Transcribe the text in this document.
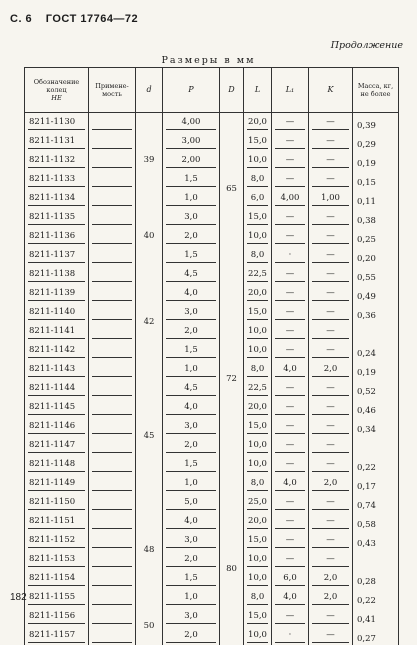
С. 6 ГОСТ 17764—72
Продолжение
Размеры в мм
Обозначение колец
НЕ	Примене- мость	d	P	D	L	L₁	K	Масса, кг, не более
8211-1130		39	4,00	65	20,0	—	—	0,39
8211-1131			3,00		15,0	—	—	0,29
8211-1132			2,00		10,0	—	—	0,19
8211-1133			1,5		8,0	—	—	0,15
8211-1134			1,0		6,0	4,00	1,00	0,11
8211-1135		40	3,0		15,0	—	—	0,38
8211-1136			2,0		10,0	—	—	0,25
8211-1137			1,5		8,0	·	—	0,20
8211-1138		42	4,5	72	22,5	—	—	0,55
8211-1139			4,0		20,0	—	—	0,49
8211-1140			3,0		15,0	—	—	0,36
8211-1141			2,0		10,0	—	—	
8211-1142			1,5		10,0	—	—	0,24
8211-1143			1,0		8,0	4,0	2,0	0,19
8211-1144		45	4,5		22,5	—	—	0,52
8211-1145			4,0		20,0	—	—	0,46
8211-1146			3,0		15,0	—	—	0,34
8211-1147			2,0		10,0	—	—	
8211-1148			1,5		10,0	—	—	0,22
8211-1149			1,0		8,0	4,0	2,0	0,17
8211-1150		48	5,0	80	25,0	—	—	0,74
8211-1151			4,0		20,0	—	—	0,58
8211-1152			3,0		15,0	—	—	0,43
8211-1153			2,0		10,0	—	—	
8211-1154			1,5		10,0	6,0	2,0	0,28
8211-1155			1,0		8,0	4,0	2,0	0,22
8211-1156		50	3,0		15,0	—	—	0,41
8211-1157			2,0		10,0	·	—	0,27
182
